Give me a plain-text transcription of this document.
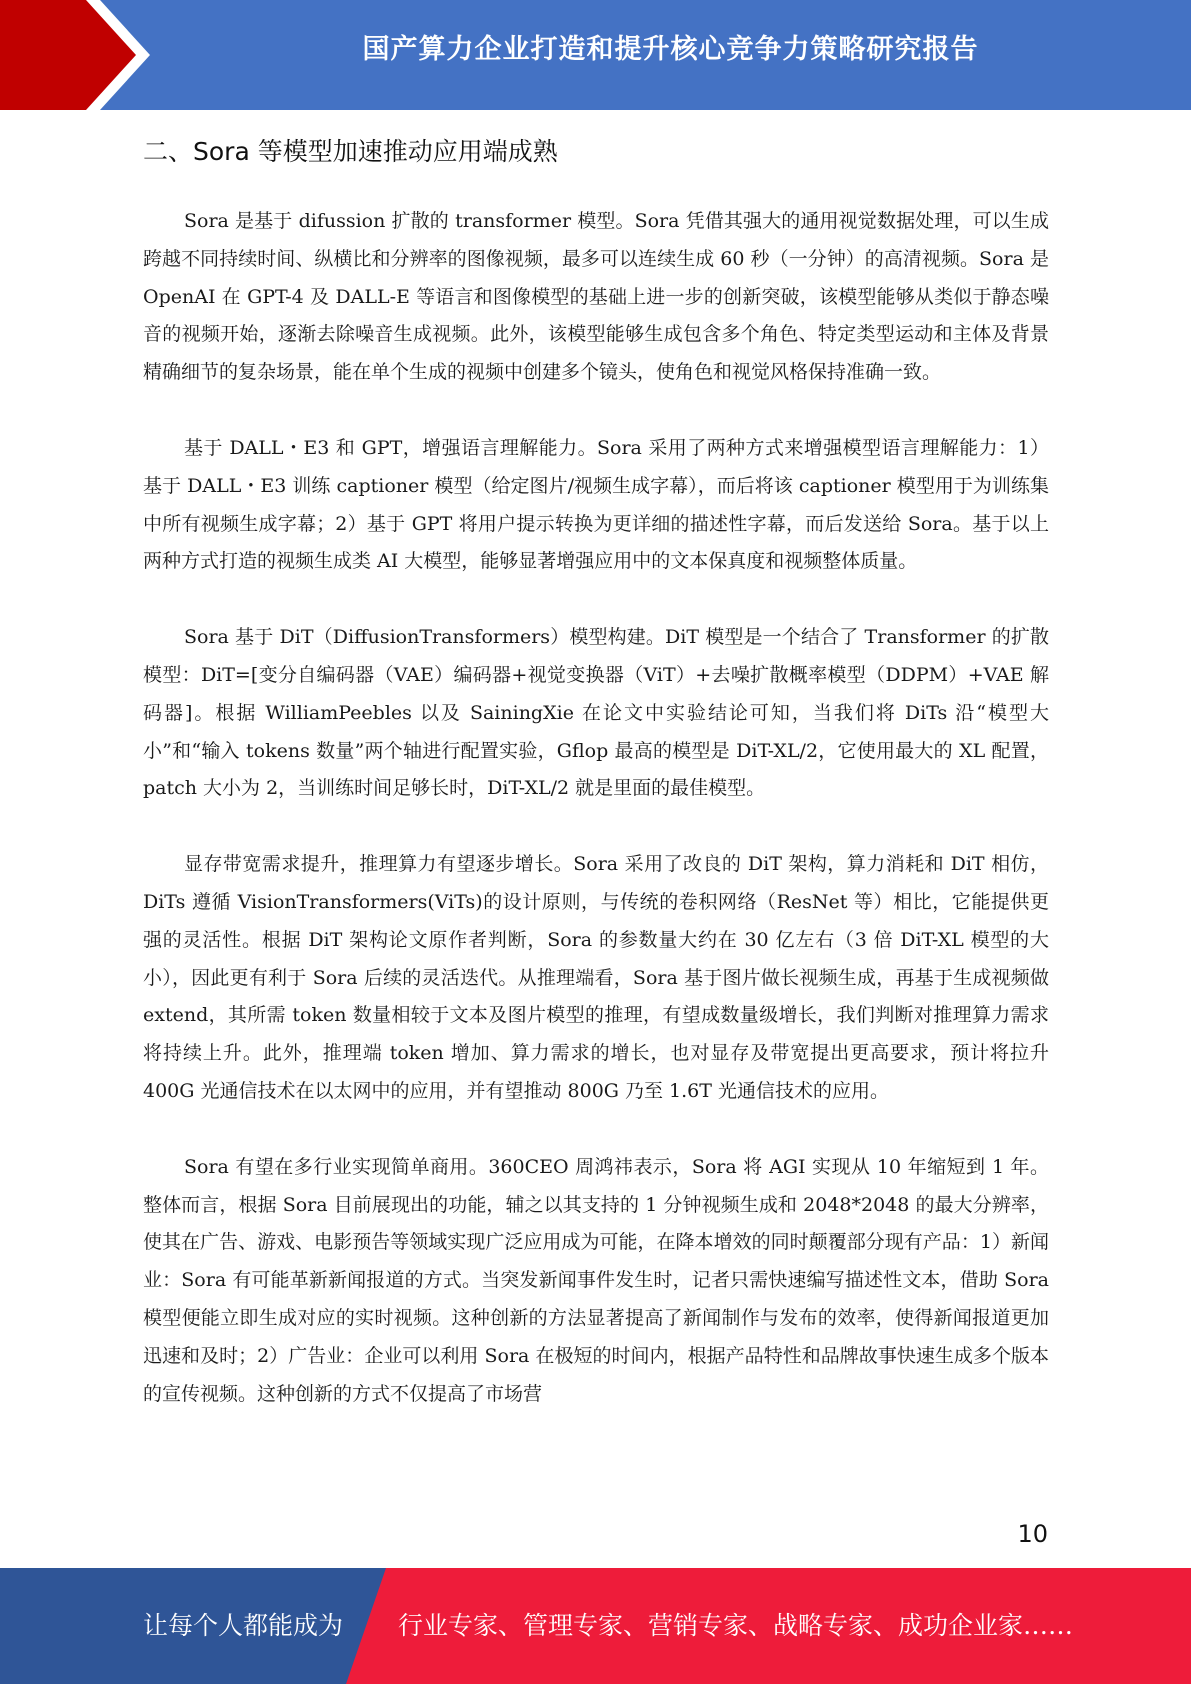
国产算力企业打造和提升核心竞争力策略研究报告
二、Sora 等模型加速推动应用端成熟

Sora 是基于 difussion 扩散的 transformer 模型。Sora 凭借其强大的通用视觉数据处理，可以生成跨越不同持续时间、纵横比和分辨率的图像视频，最多可以连续生成 60 秒（一分钟）的高清视频。Sora 是 OpenAI 在 GPT-4 及 DALL-E 等语言和图像模型的基础上进一步的创新突破，该模型能够从类似于静态噪音的视频开始，逐渐去除噪音生成视频。此外，该模型能够生成包含多个角色、特定类型运动和主体及背景精确细节的复杂场景，能在单个生成的视频中创建多个镜头，使角色和视觉风格保持准确一致。

基于 DALL・E3 和 GPT，增强语言理解能力。Sora 采用了两种方式来增强模型语言理解能力：1）基于 DALL・E3 训练 captioner 模型（给定图片/视频生成字幕），而后将该 captioner 模型用于为训练集中所有视频生成字幕；2）基于 GPT 将用户提示转换为更详细的描述性字幕，而后发送给 Sora。基于以上两种方式打造的视频生成类 AI 大模型，能够显著增强应用中的文本保真度和视频整体质量。

Sora 基于 DiT（DiffusionTransformers）模型构建。DiT 模型是一个结合了 Transformer 的扩散模型：DiT=[变分自编码器（VAE）编码器+视觉变换器（ViT）+去噪扩散概率模型（DDPM）+VAE 解码器]。根据 WilliamPeebles 以及 SainingXie 在论文中实验结论可知，当我们将 DiTs 沿“模型大小”和“输入 tokens 数量”两个轴进行配置实验，Gflop 最高的模型是 DiT-XL/2，它使用最大的 XL 配置，patch 大小为 2，当训练时间足够长时，DiT-XL/2 就是里面的最佳模型。

显存带宽需求提升，推理算力有望逐步增长。Sora 采用了改良的 DiT 架构，算力消耗和 DiT 相仿，DiTs 遵循 VisionTransformers(ViTs)的设计原则，与传统的卷积网络（ResNet 等）相比，它能提供更强的灵活性。根据 DiT 架构论文原作者判断，Sora 的参数量大约在 30 亿左右（3 倍 DiT-XL 模型的大小），因此更有利于 Sora 后续的灵活迭代。从推理端看，Sora 基于图片做长视频生成，再基于生成视频做 extend，其所需 token 数量相较于文本及图片模型的推理，有望成数量级增长，我们判断对推理算力需求将持续上升。此外，推理端 token 增加、算力需求的增长，也对显存及带宽提出更高要求，预计将拉升 400G 光通信技术在以太网中的应用，并有望推动 800G 乃至 1.6T 光通信技术的应用。

Sora 有望在多行业实现简单商用。360CEO 周鸿祎表示，Sora 将 AGI 实现从 10 年缩短到 1 年。整体而言，根据 Sora 目前展现出的功能，辅之以其支持的 1 分钟视频生成和 2048*2048 的最大分辨率，使其在广告、游戏、电影预告等领域实现广泛应用成为可能，在降本增效的同时颠覆部分现有产品：1）新闻业：Sora 有可能革新新闻报道的方式。当突发新闻事件发生时，记者只需快速编写描述性文本，借助 Sora 模型便能立即生成对应的实时视频。这种创新的方法显著提高了新闻制作与发布的效率，使得新闻报道更加迅速和及时；2）广告业：企业可以利用 Sora 在极短的时间内，根据产品特性和品牌故事快速生成多个版本的宣传视频。这种创新的方式不仅提高了市场营

10
让每个人都能成为 行业专家、管理专家、营销专家、战略专家、成功企业家……
